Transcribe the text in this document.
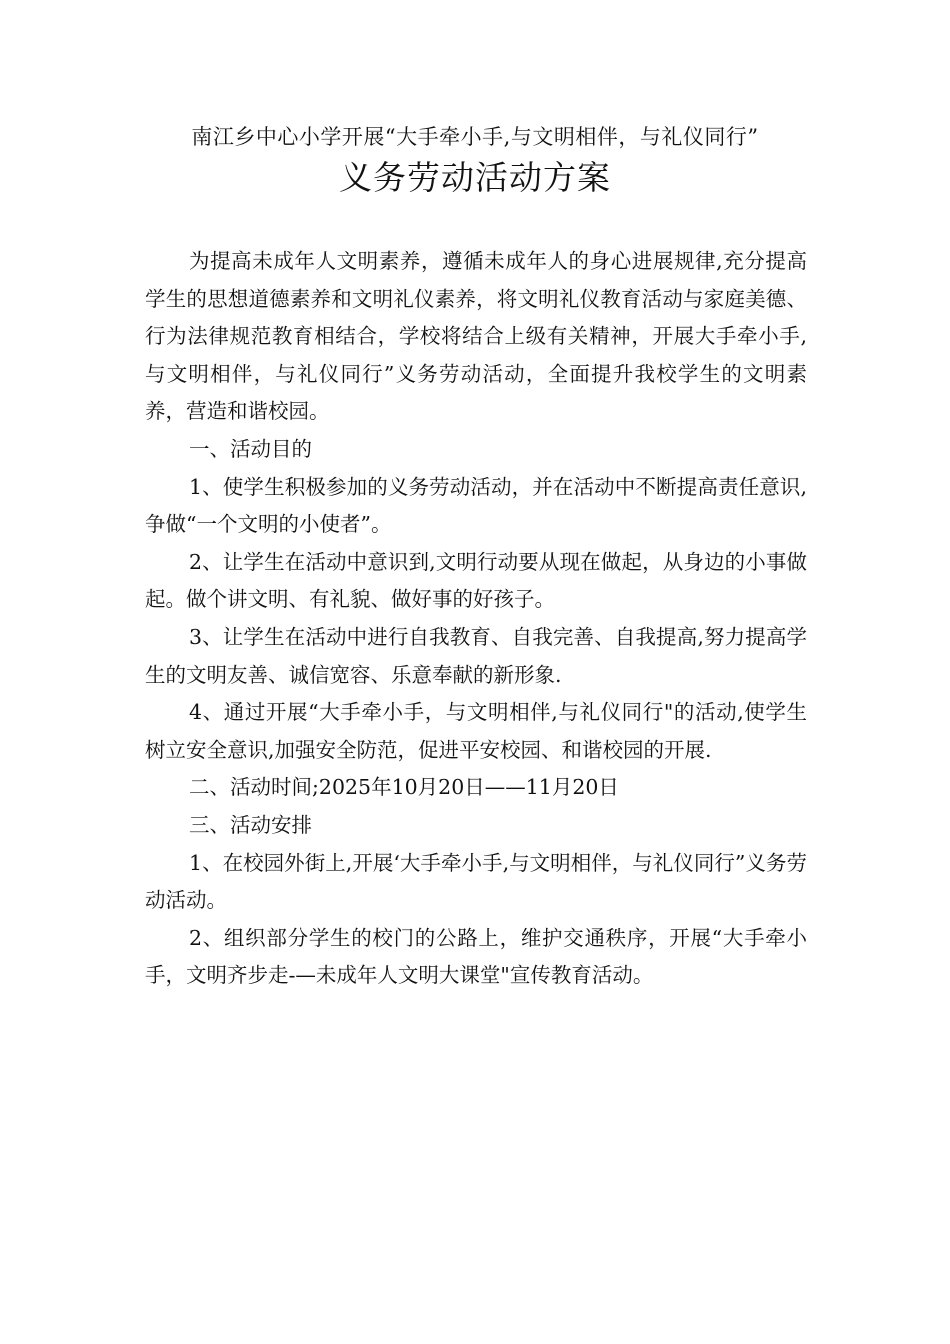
南江乡中心小学开展“大手牵小手,与文明相伴，与礼仪同行”
义务劳动活动方案

为提高未成年人文明素养，遵循未成年人的身心进展规律,充分提高学生的思想道德素养和文明礼仪素养，将文明礼仪教育活动与家庭美德、行为法律规范教育相结合，学校将结合上级有关精神，开展大手牵小手,与文明相伴，与礼仪同行”义务劳动活动，全面提升我校学生的文明素养，营造和谐校园。

一、活动目的

1、使学生积极参加的义务劳动活动，并在活动中不断提高责任意识,争做“一个文明的小使者”。

2、让学生在活动中意识到,文明行动要从现在做起，从身边的小事做起。做个讲文明、有礼貌、做好事的好孩子。

3、让学生在活动中进行自我教育、自我完善、自我提高,努力提高学生的文明友善、诚信宽容、乐意奉献的新形象.

4、通过开展“大手牵小手，与文明相伴,与礼仪同行"的活动,使学生树立安全意识,加强安全防范，促进平安校园、和谐校园的开展.

二、活动时间;2025年10月20日——11月20日

三、活动安排

1、在校园外街上,开展‘大手牵小手,与文明相伴，与礼仪同行”义务劳动活动。

2、组织部分学生的校门的公路上，维护交通秩序，开展“大手牵小手，文明齐步走-—未成年人文明大课堂"宣传教育活动。
